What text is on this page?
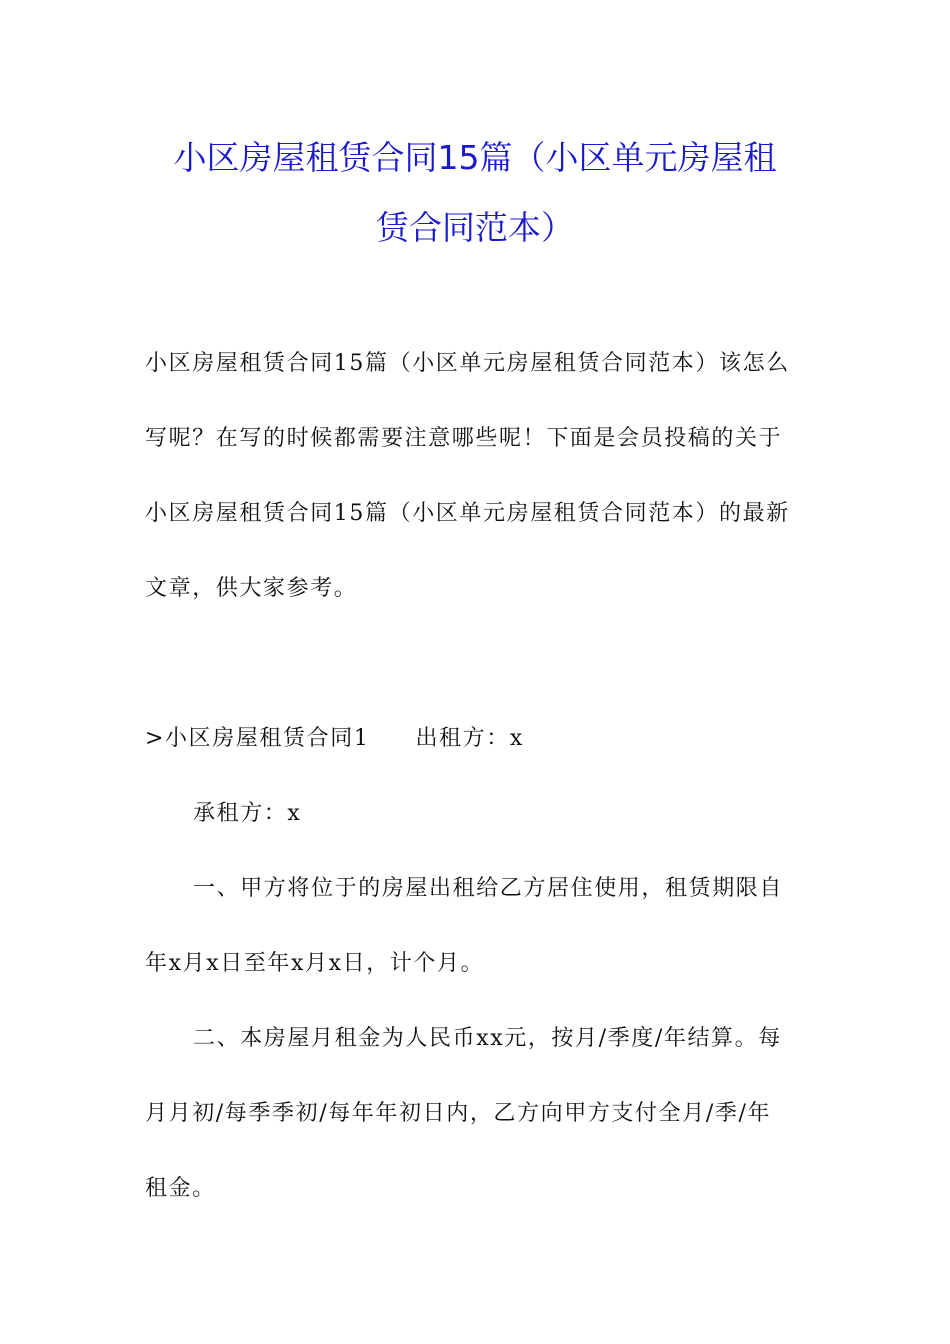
小区房屋租赁合同15篇（小区单元房屋租
赁合同范本）
小区房屋租赁合同15篇（小区单元房屋租赁合同范本）该怎么
写呢？在写的时候都需要注意哪些呢！下面是会员投稿的关于
小区房屋租赁合同15篇（小区单元房屋租赁合同范本）的最新
文章，供大家参考。
>小区房屋租赁合同1 出租方：x
承租方：x
一、甲方将位于的房屋出租给乙方居住使用，租赁期限自
年x月x日至年x月x日，计个月。
二、本房屋月租金为人民币xx元，按月/季度/年结算。每
月月初/每季季初/每年年初日内，乙方向甲方支付全月/季/年
租金。
